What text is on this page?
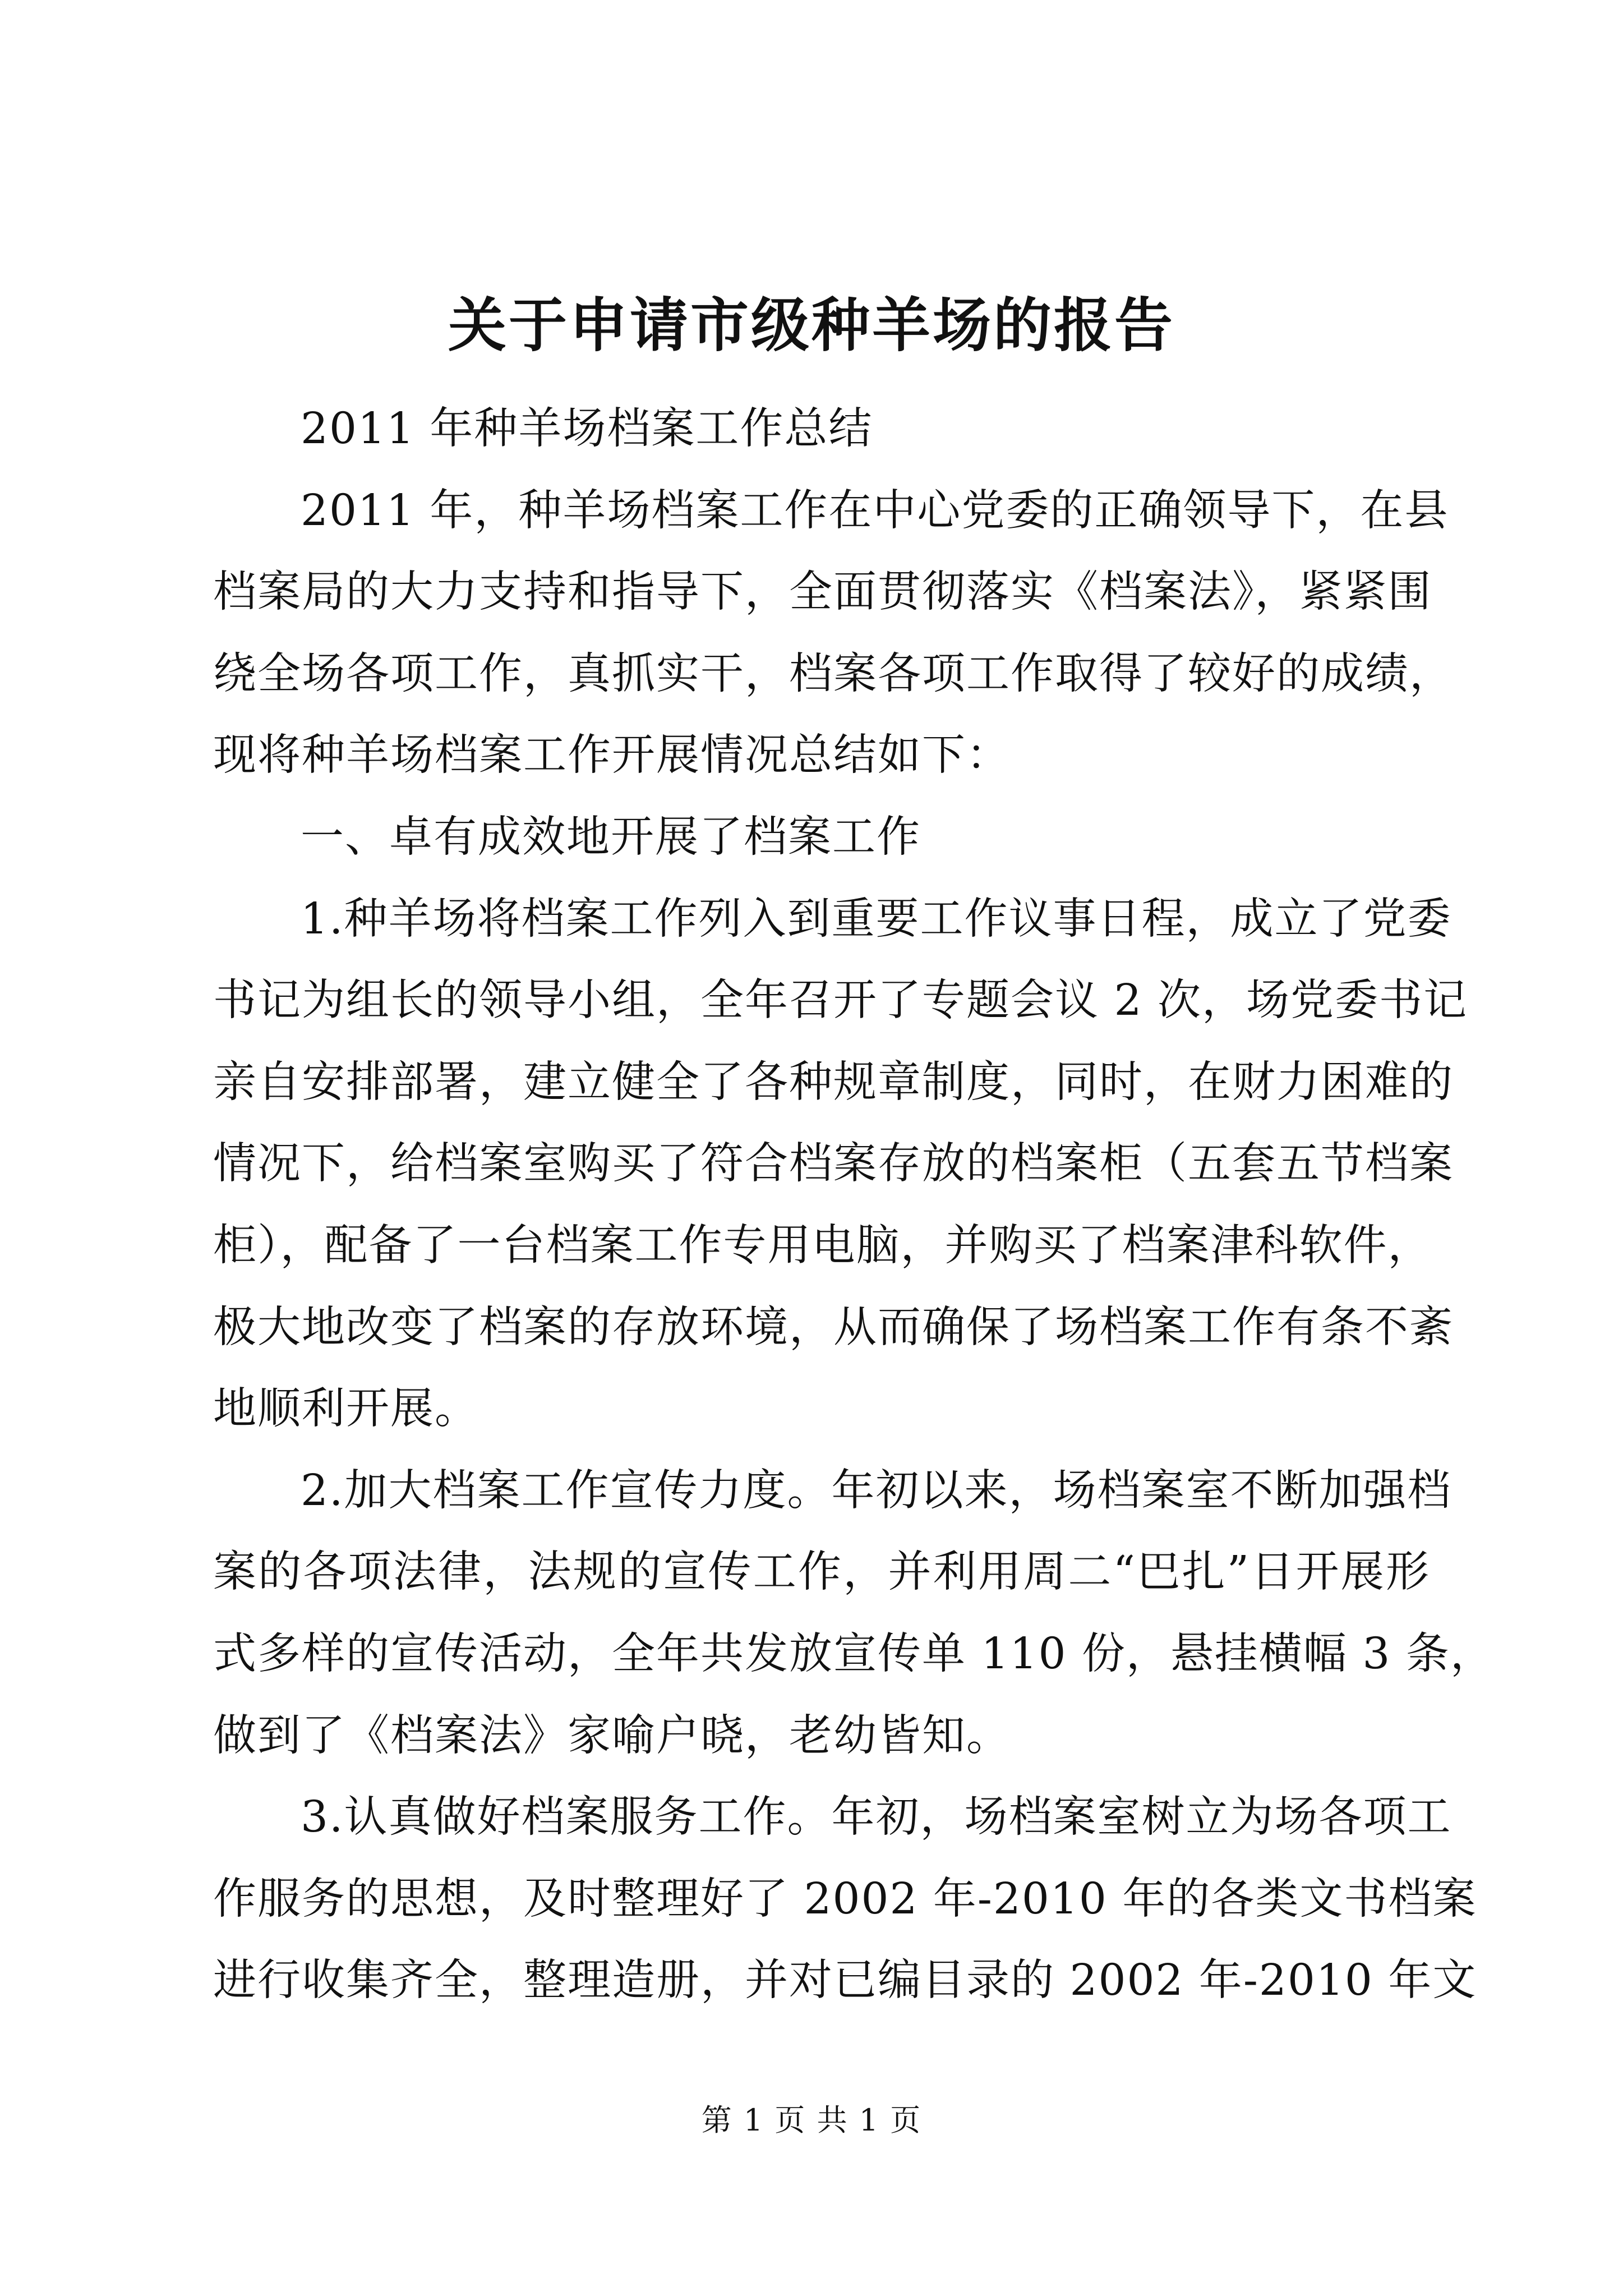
关于申请市级种羊场的报告
2011 年种羊场档案工作总结
2011 年，种羊场档案工作在中心党委的正确领导下，在县
档案局的大力支持和指导下，全面贯彻落实《档案法》，紧紧围
绕全场各项工作，真抓实干，档案各项工作取得了较好的成绩，
现将种羊场档案工作开展情况总结如下：
一、卓有成效地开展了档案工作
1.种羊场将档案工作列入到重要工作议事日程，成立了党委
书记为组长的领导小组，全年召开了专题会议 2 次，场党委书记
亲自安排部署，建立健全了各种规章制度，同时，在财力困难的
情况下，给档案室购买了符合档案存放的档案柜（五套五节档案
柜），配备了一台档案工作专用电脑，并购买了档案津科软件，
极大地改变了档案的存放环境，从而确保了场档案工作有条不紊
地顺利开展。
2.加大档案工作宣传力度。年初以来，场档案室不断加强档
案的各项法律，法规的宣传工作，并利用周二“巴扎”日开展形
式多样的宣传活动，全年共发放宣传单 110 份，悬挂横幅 3 条，
做到了《档案法》家喻户晓，老幼皆知。
3.认真做好档案服务工作。年初，场档案室树立为场各项工
作服务的思想，及时整理好了 2002 年-2010 年的各类文书档案
进行收集齐全，整理造册，并对已编目录的 2002 年-2010 年文
第 1 页 共 1 页
